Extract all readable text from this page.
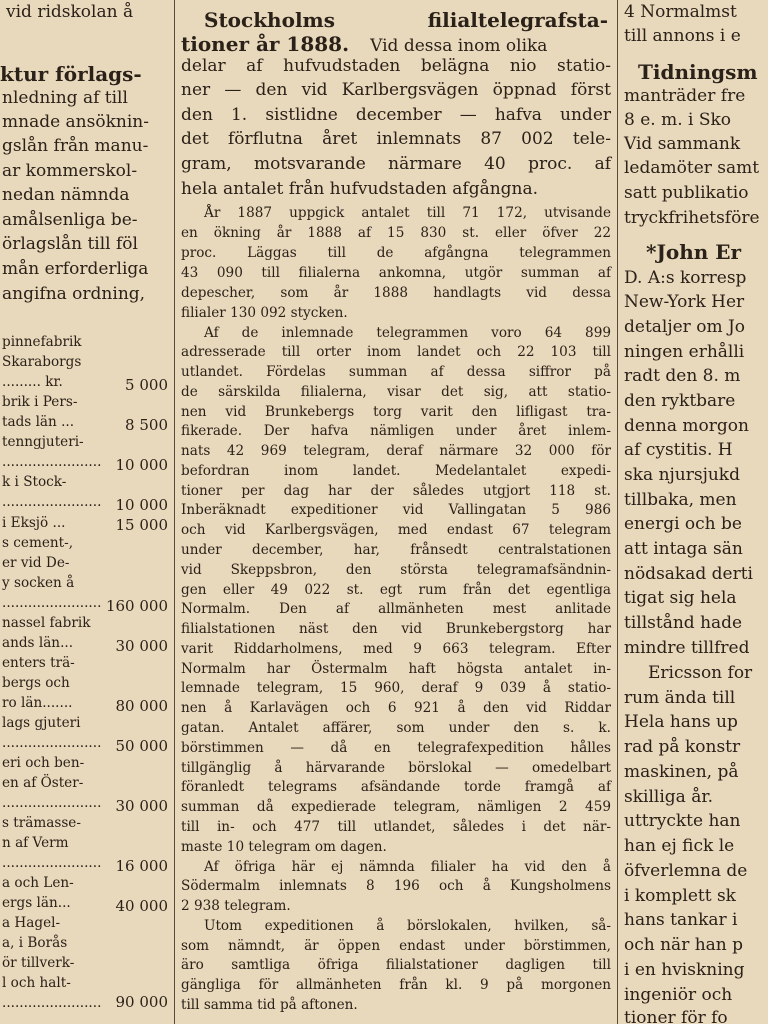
vid ridskolan å
ktur förlags-
nledning af till
mnade ansöknin-
gslån från manu-
ar kommerskol-
nedan nämnda
amålsenliga be-
örlagslån till föl
mån erforderliga
angifna ordning,
pinnefabrik
Skaraborgs
......... kr.
brik i Pers-
tads län ...
tenngjuteri-
.......................
k i Stock-
.......................
i Eksjö ...
s cement-,
er vid De-
y socken å
.......................
nassel fabrik
ands län...
enters trä-
bergs och
ro län.......
lags gjuteri
.......................
eri och ben-
en af Öster-
.......................
s trämasse-
n af Verm
.......................
a och Len-
ergs län...
a Hagel-
a, i Borås
ör tillverk-
l och halt-
.......................
5 000
8 500
10 000
10 000
15 000
160 000
30 000
80 000
50 000
30 000
16 000
40 000
90 000
Stockholms filialtelegrafsta-
tioner år 1888. Vid dessa inom olika
delar af hufvudstaden belägna nio statio-
ner — den vid Karlbergsvägen öppnad först
den 1. sistlidne december — hafva under
det förflutna året inlemnats 87 002 tele-
gram, motsvarande närmare 40 proc. af
hela antalet från hufvudstaden afgångna.
År 1887 uppgick antalet till 71 172, utvisande
en ökning år 1888 af 15 830 st. eller öfver 22
proc. Läggas till de afgångna telegrammen
43 090 till filialerna ankomna, utgör summan af
depescher, som år 1888 handlagts vid dessa
filialer 130 092 stycken.
Af de inlemnade telegrammen voro 64 899
adresserade till orter inom landet och 22 103 till
utlandet. Fördelas summan af dessa siffror på
de särskilda filialerna, visar det sig, att statio-
nen vid Brunkebergs torg varit den lifligast tra-
fikerade. Der hafva nämligen under året inlem-
nats 42 969 telegram, deraf närmare 32 000 för
befordran inom landet. Medelantalet expedi-
tioner per dag har der således utgjort 118 st.
Inberäknadt expeditioner vid Vallingatan 5 986
och vid Karlbergsvägen, med endast 67 telegram
under december, har, frånsedt centralstationen
vid Skeppsbron, den största telegramafsändnin-
gen eller 49 022 st. egt rum från det egentliga
Normalm. Den af allmänheten mest anlitade
filialstationen näst den vid Brunkebergstorg har
varit Riddarholmens, med 9 663 telegram. Efter
Normalm har Östermalm haft högsta antalet in-
lemnade telegram, 15 960, deraf 9 039 å statio-
nen å Karlavägen och 6 921 å den vid Riddar
gatan. Antalet affärer, som under den s. k.
börstimmen — då en telegrafexpedition hålles
tillgänglig å härvarande börslokal — omedelbart
föranledt telegrams afsändande torde framgå af
summan då expedierade telegram, nämligen 2 459
till in- och 477 till utlandet, således i det när-
maste 10 telegram om dagen.
Af öfriga här ej nämnda filialer ha vid den å
Södermalm inlemnats 8 196 och å Kungsholmens
2 938 telegram.
Utom expeditionen å börslokalen, hvilken, så-
som nämndt, är öppen endast under börstimmen,
äro samtliga öfriga filialstationer dagligen till
gängliga för allmänheten från kl. 9 på morgonen
till samma tid på aftonen.
4 Normalmst
till annons i e
Tidningsm
manträder fre
8 e. m. i Sko
Vid sammank
ledamöter samt
satt publikatio
tryckfrihetsföre
*John Er
D. A:s korresp
New-York Her
detaljer om Jo
ningen erhålli
radt den 8. m
den ryktbare
denna morgon
af cystitis. H
ska njursjukd
tillbaka, men
energi och be
att intaga sän
nödsakad derti
tigat sig hela
tillstånd hade
mindre tillfred
Ericsson for
rum ända till
Hela hans up
rad på konstr
maskinen, på
skilliga år.
uttryckte han
han ej fick le
öfverlemna de
i komplett sk
hans tankar i
och när han p
i en hviskning
ingeniör och
tioner för fo
